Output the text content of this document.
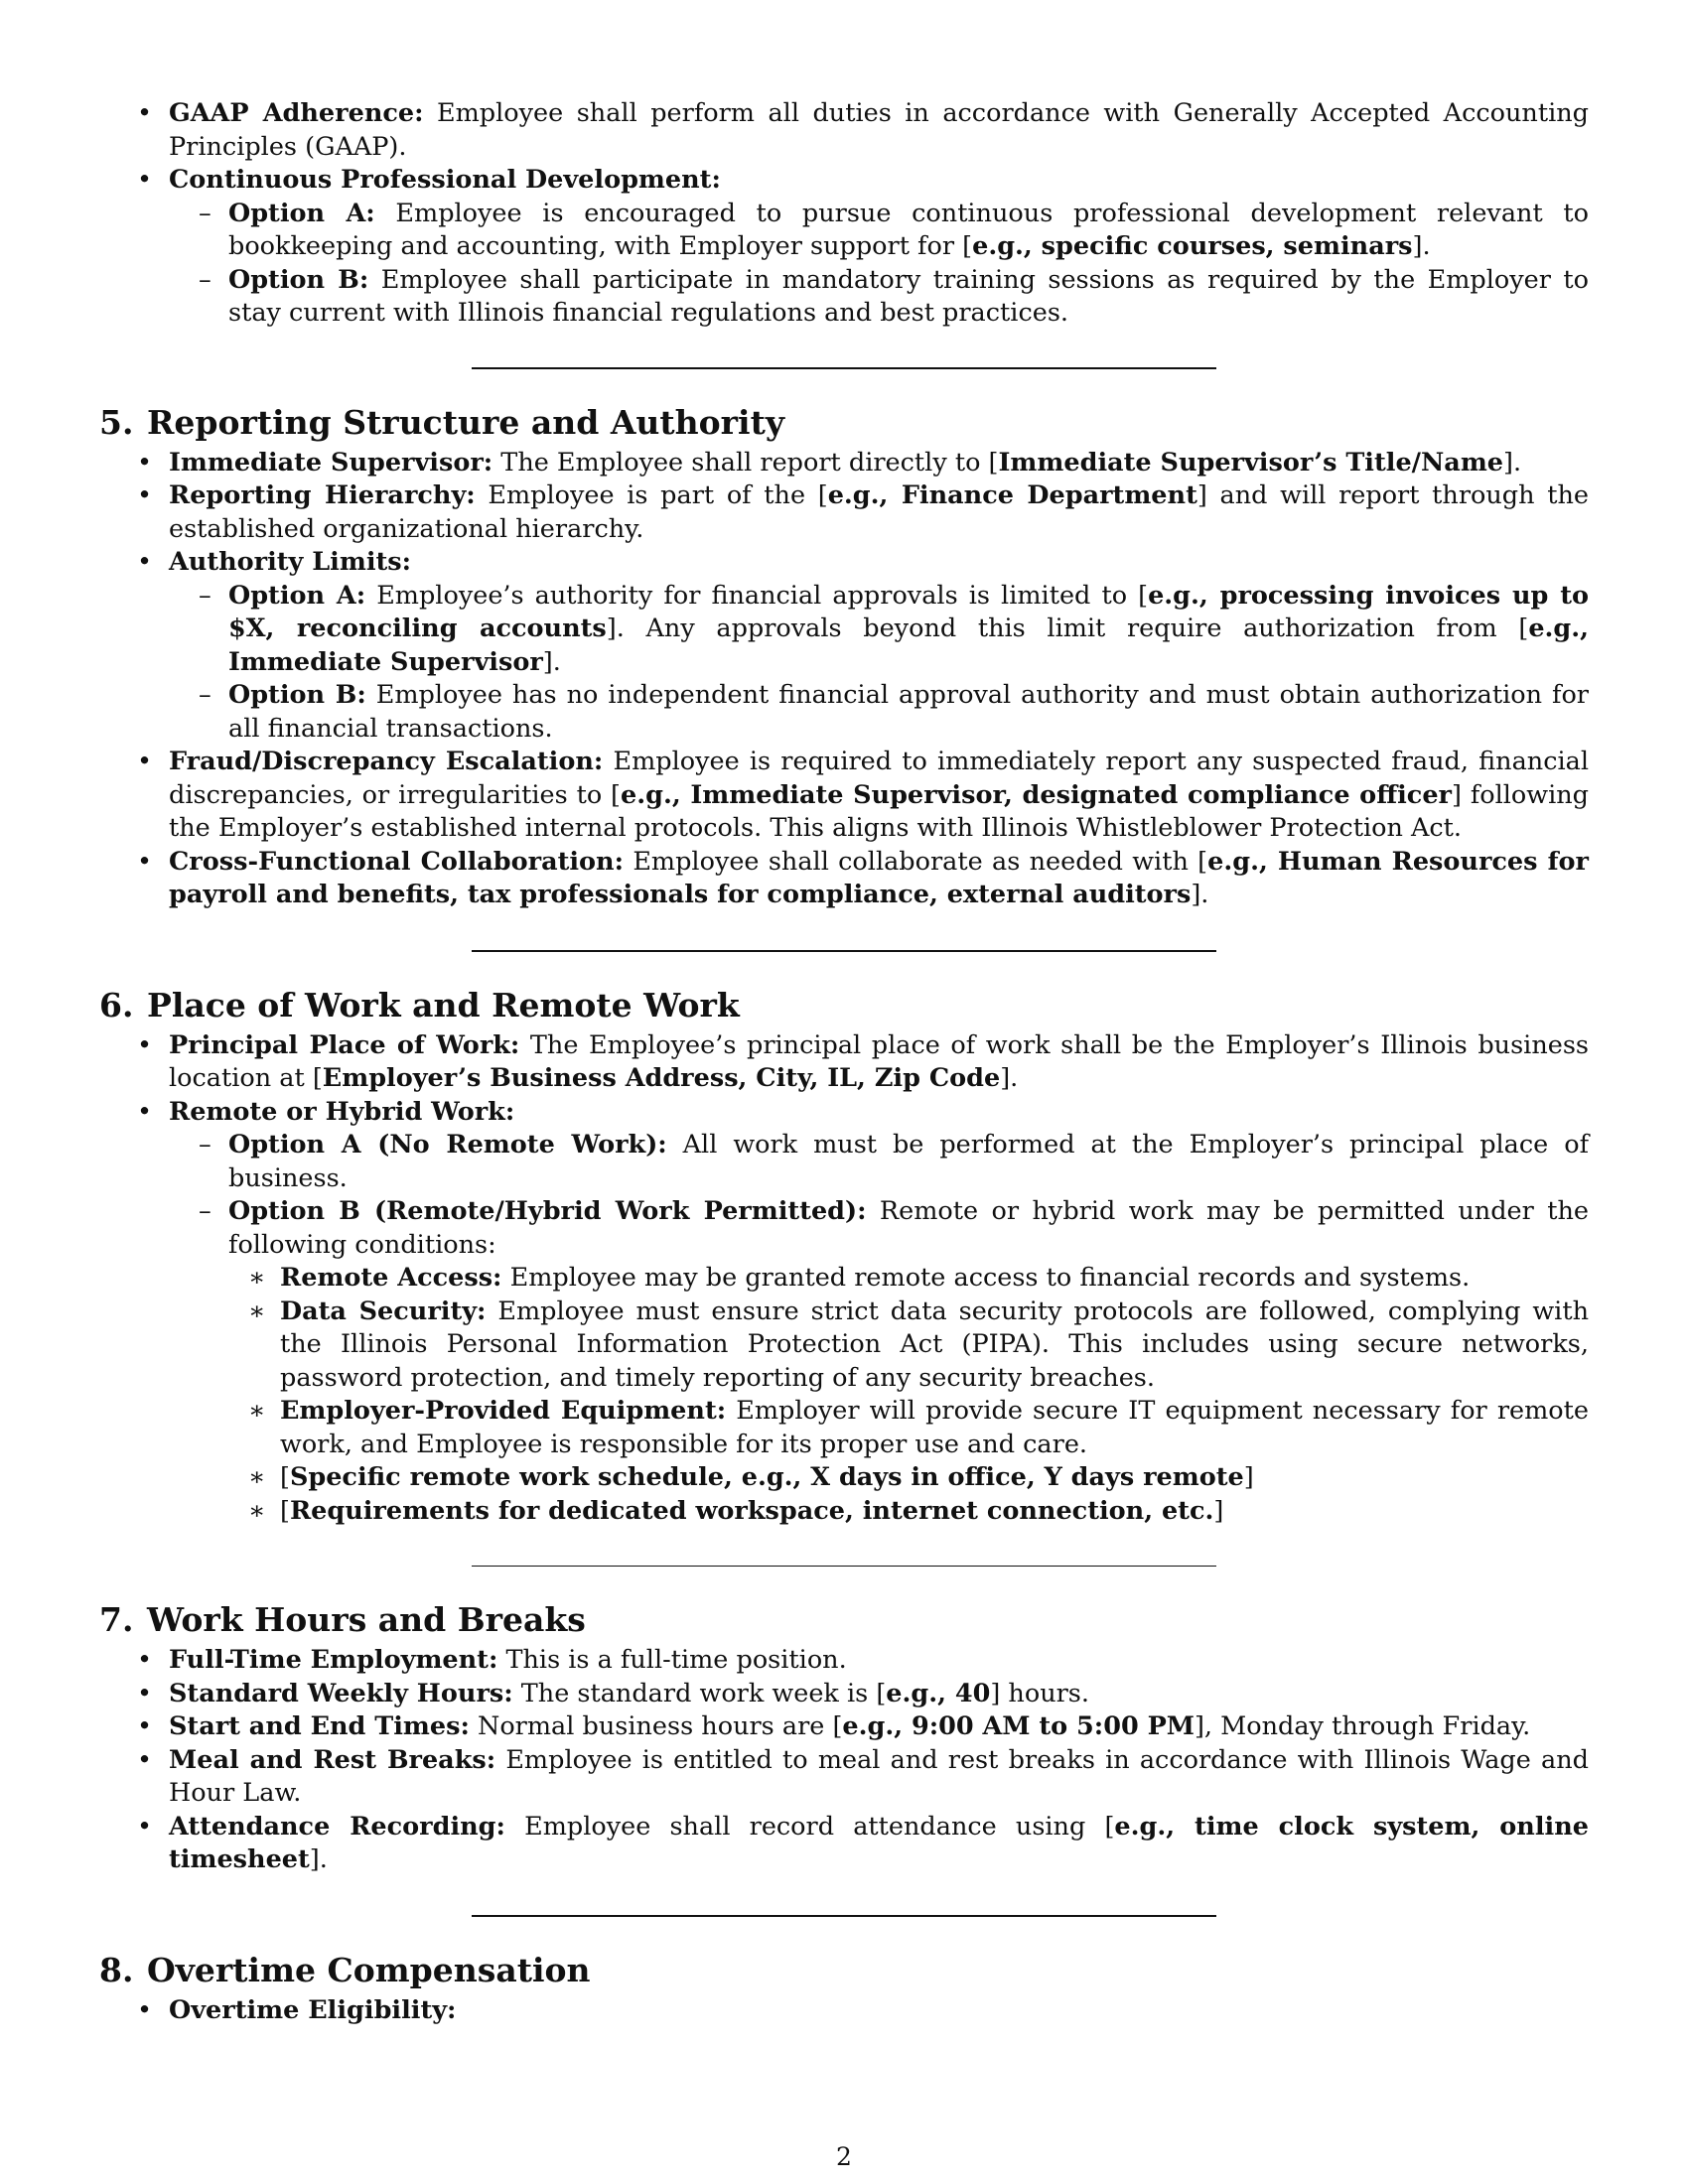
• GAAP Adherence: Employee shall perform all duties in accordance with Generally Accepted Accounting Principles (GAAP).
• Continuous Professional Development:
– Option A: Employee is encouraged to pursue continuous professional development relevant to bookkeeping and accounting, with Employer support for [e.g., specific courses, seminars].
– Option B: Employee shall participate in mandatory training sessions as required by the Employer to stay current with Illinois financial regulations and best practices.
5. Reporting Structure and Authority
• Immediate Supervisor: The Employee shall report directly to [Immediate Supervisor’s Title/Name].
• Reporting Hierarchy: Employee is part of the [e.g., Finance Department] and will report through the established organizational hierarchy.
• Authority Limits:
– Option A: Employee’s authority for financial approvals is limited to [e.g., processing invoices up to $X, reconciling accounts]. Any approvals beyond this limit require authorization from [e.g., Immediate Supervisor].
– Option B: Employee has no independent financial approval authority and must obtain authorization for all financial transactions.
• Fraud/Discrepancy Escalation: Employee is required to immediately report any suspected fraud, financial discrepancies, or irregularities to [e.g., Immediate Supervisor, designated compliance officer] following the Employer’s established internal protocols. This aligns with Illinois Whistleblower Protection Act.
• Cross-Functional Collaboration: Employee shall collaborate as needed with [e.g., Human Resources for payroll and benefits, tax professionals for compliance, external auditors].
6. Place of Work and Remote Work
• Principal Place of Work: The Employee’s principal place of work shall be the Employer’s Illinois business location at [Employer’s Business Address, City, IL, Zip Code].
• Remote or Hybrid Work:
– Option A (No Remote Work): All work must be performed at the Employer’s principal place of business.
– Option B (Remote/Hybrid Work Permitted): Remote or hybrid work may be permitted under the following conditions:
∗ Remote Access: Employee may be granted remote access to financial records and systems.
∗ Data Security: Employee must ensure strict data security protocols are followed, complying with the Illinois Personal Information Protection Act (PIPA). This includes using secure networks, password protection, and timely reporting of any security breaches.
∗ Employer-Provided Equipment: Employer will provide secure IT equipment necessary for remote work, and Employee is responsible for its proper use and care.
∗ [Specific remote work schedule, e.g., X days in office, Y days remote]
∗ [Requirements for dedicated workspace, internet connection, etc.]
7. Work Hours and Breaks
• Full-Time Employment: This is a full-time position.
• Standard Weekly Hours: The standard work week is [e.g., 40] hours.
• Start and End Times: Normal business hours are [e.g., 9:00 AM to 5:00 PM], Monday through Friday.
• Meal and Rest Breaks: Employee is entitled to meal and rest breaks in accordance with Illinois Wage and Hour Law.
• Attendance Recording: Employee shall record attendance using [e.g., time clock system, online timesheet].
8. Overtime Compensation
• Overtime Eligibility:
2
